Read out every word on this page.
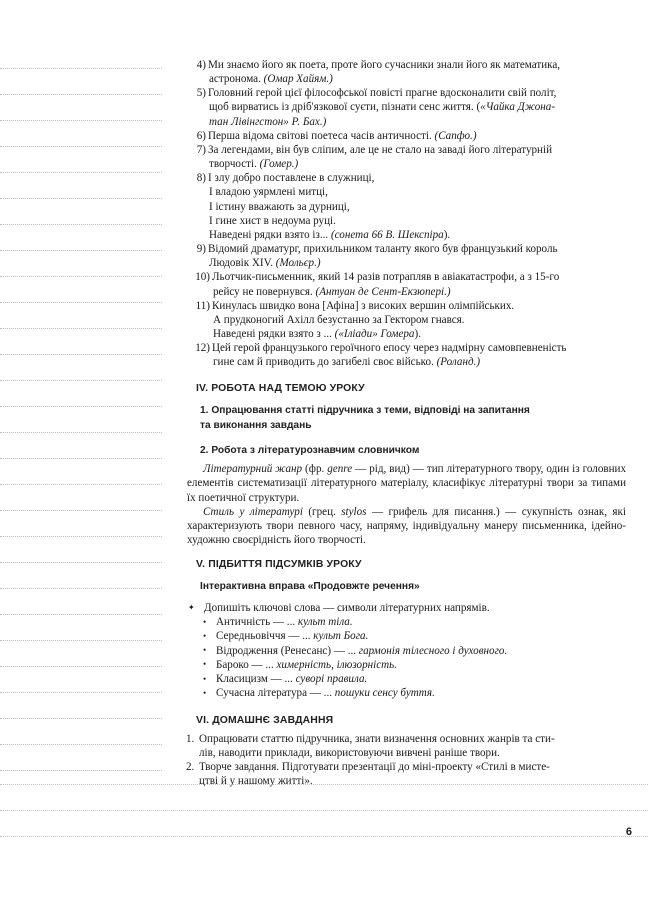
4) Ми знаємо його як поета, проте його сучасники знали його як математика,
астронома. (Омар Хайям.)
5) Головний герой цієї філософської повісті прагне вдосконалити свій політ,
щоб вирватись із дріб'язкової суєти, пізнати сенс життя. («Чайка Джона-
тан Лівінгстон» Р. Бах.)
6) Перша відома світові поетеса часів античності. (Сапфо.)
7) За легендами, він був сліпим, але це не стало на заваді його літературній
творчості. (Гомер.)
8) І злу добро поставлене в служниці,
І владою уярмлені митці,
І істину вважають за дурниці,
І гине хист в недоума руці.
Наведені рядки взято із... (сонета 66 В. Шекспіра).
9) Відомий драматург, прихильником таланту якого був французький король
Людовік XIV. (Мольєр.)
10) Льотчик-письменник, який 14 разів потрапляв в авіакатастрофи, а з 15-го
рейсу не повернувся. (Антуан де Сент-Екзюпері.)
11) Кинулась швидко вона [Афіна] з високих вершин олімпійських.
А прудконогий Ахілл безустанно за Гектором гнався.
Наведені рядки взято з ... («Іліади» Гомера).
12) Цей герой французького героїчного епосу через надмірну самовпевненість
гине сам й приводить до загибелі своє військо. (Роланд.)
IV. РОБОТА НАД ТЕМОЮ УРОКУ
1. Опрацювання статті підручника з теми, відповіді на запитання
та виконання завдань
2. Робота з літературознавчим словничком

Літературний жанр (фр. genre — рід, вид) — тип літературного твору, один із головних елементів систематизації літературного матеріалу, класифікує літературні твори за типами їх поетичної структури.

Стиль у літературі (грец. stylos — грифель для писання.) — сукупність ознак, які характеризують твори певного часу, напряму, індивідуальну манеру письменника, ідейно-художню своєрідність його творчості.

V. ПІДБИТТЯ ПІДСУМКІВ УРОКУ
Інтерактивна вправа «Продовжте речення»
✦ Допишіть ключові слова — символи літературних напрямів.
• Античність — ... культ тіла.
• Середньовіччя — ... культ Бога.
• Відродження (Ренесанс) — ... гармонія тілесного і духовного.
• Бароко — ... химерність, ілюзорність.
• Класицизм — ... суворі правила.
• Сучасна література — ... пошуки сенсу буття.
VI. ДОМАШНЄ ЗАВДАННЯ
1. Опрацювати статтю підручника, знати визначення основних жанрів та сти-
лів, наводити приклади, використовуючи вивчені раніше твори.
2. Творче завдання. Підготувати презентації до міні-проекту «Стилі в мисте-
цтві й у нашому житті».
6
